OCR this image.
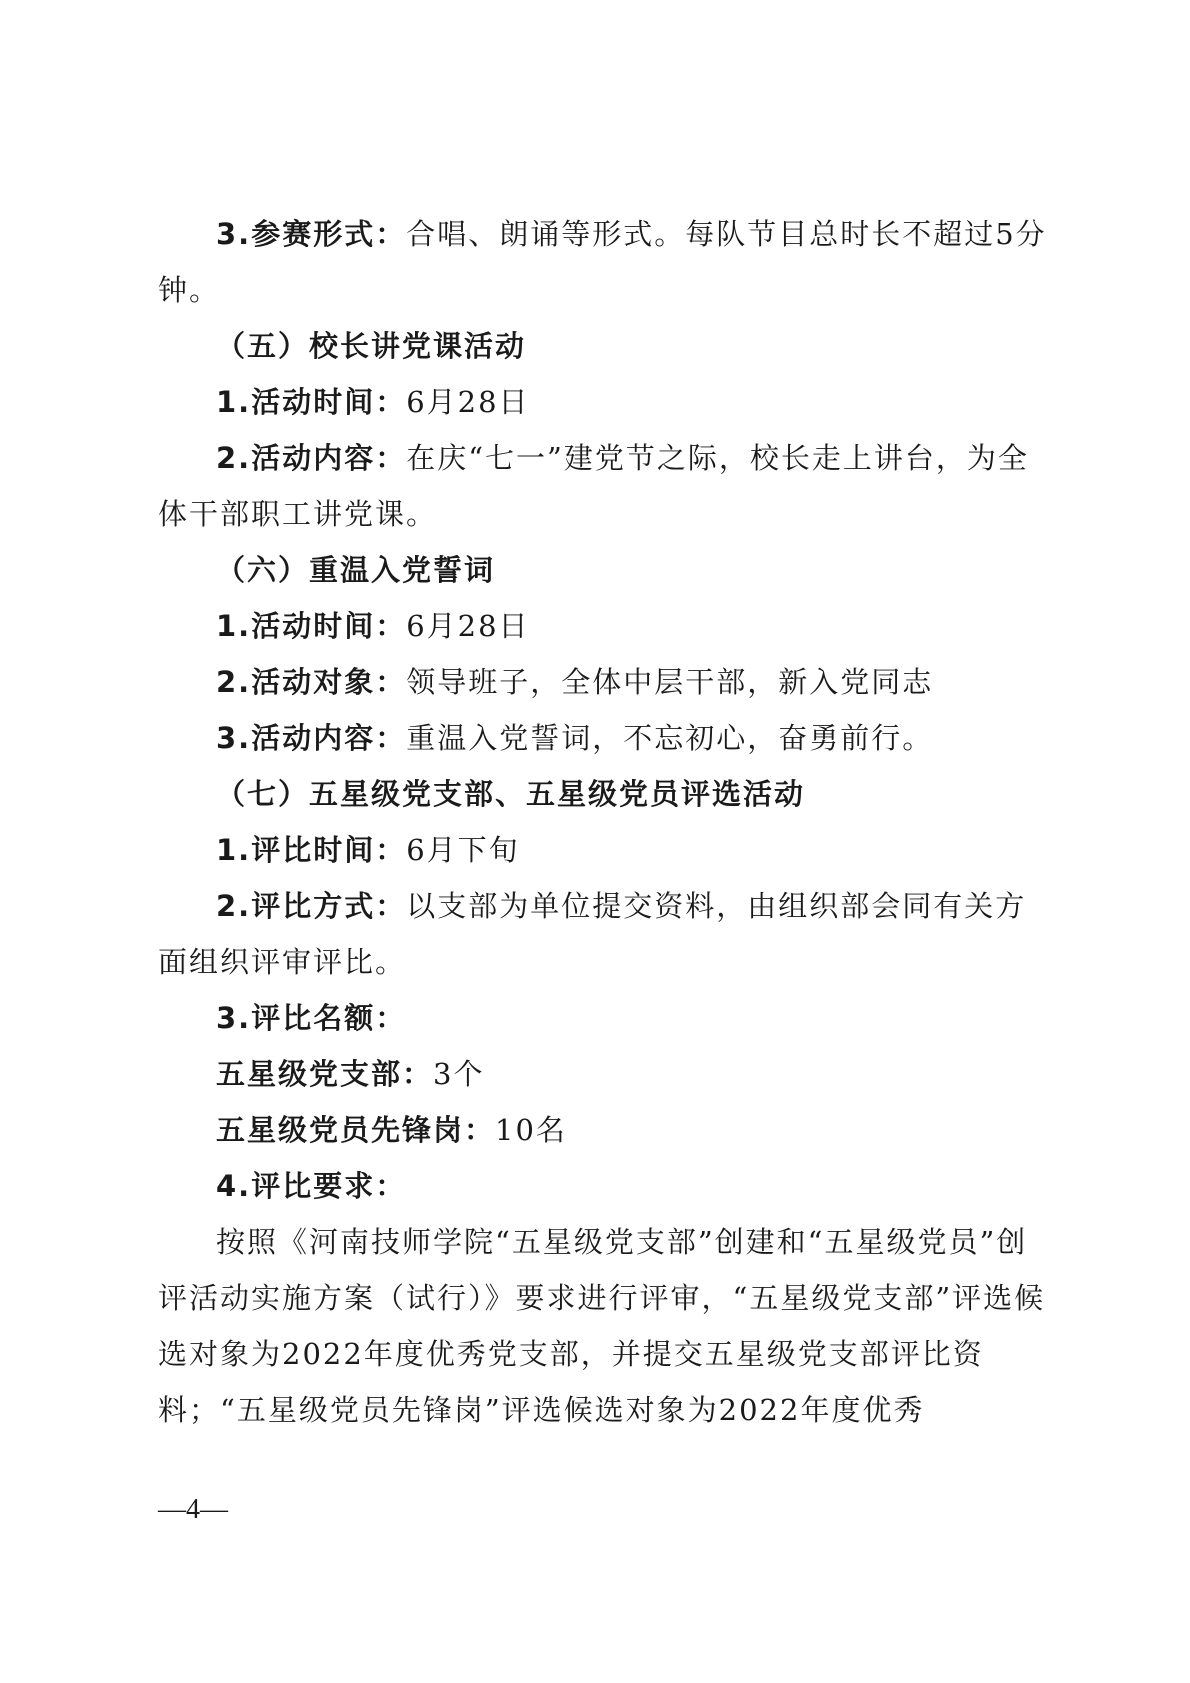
3.参赛形式：合唱、朗诵等形式。每队节目总时长不超过5分钟。

（五）校长讲党课活动

1.活动时间：6月28日

2.活动内容：在庆“七一”建党节之际，校长走上讲台，为全体干部职工讲党课。

（六）重温入党誓词

1.活动时间：6月28日

2.活动对象：领导班子，全体中层干部，新入党同志

3.活动内容：重温入党誓词，不忘初心，奋勇前行。

（七）五星级党支部、五星级党员评选活动

1.评比时间：6月下旬

2.评比方式：以支部为单位提交资料，由组织部会同有关方面组织评审评比。

3.评比名额：

五星级党支部：3个

五星级党员先锋岗：10名

4.评比要求：

按照《河南技师学院“五星级党支部”创建和“五星级党员”创评活动实施方案（试行）》要求进行评审，“五星级党支部”评选候选对象为2022年度优秀党支部，并提交五星级党支部评比资料；“五星级党员先锋岗”评选候选对象为2022年度优秀

—4—
